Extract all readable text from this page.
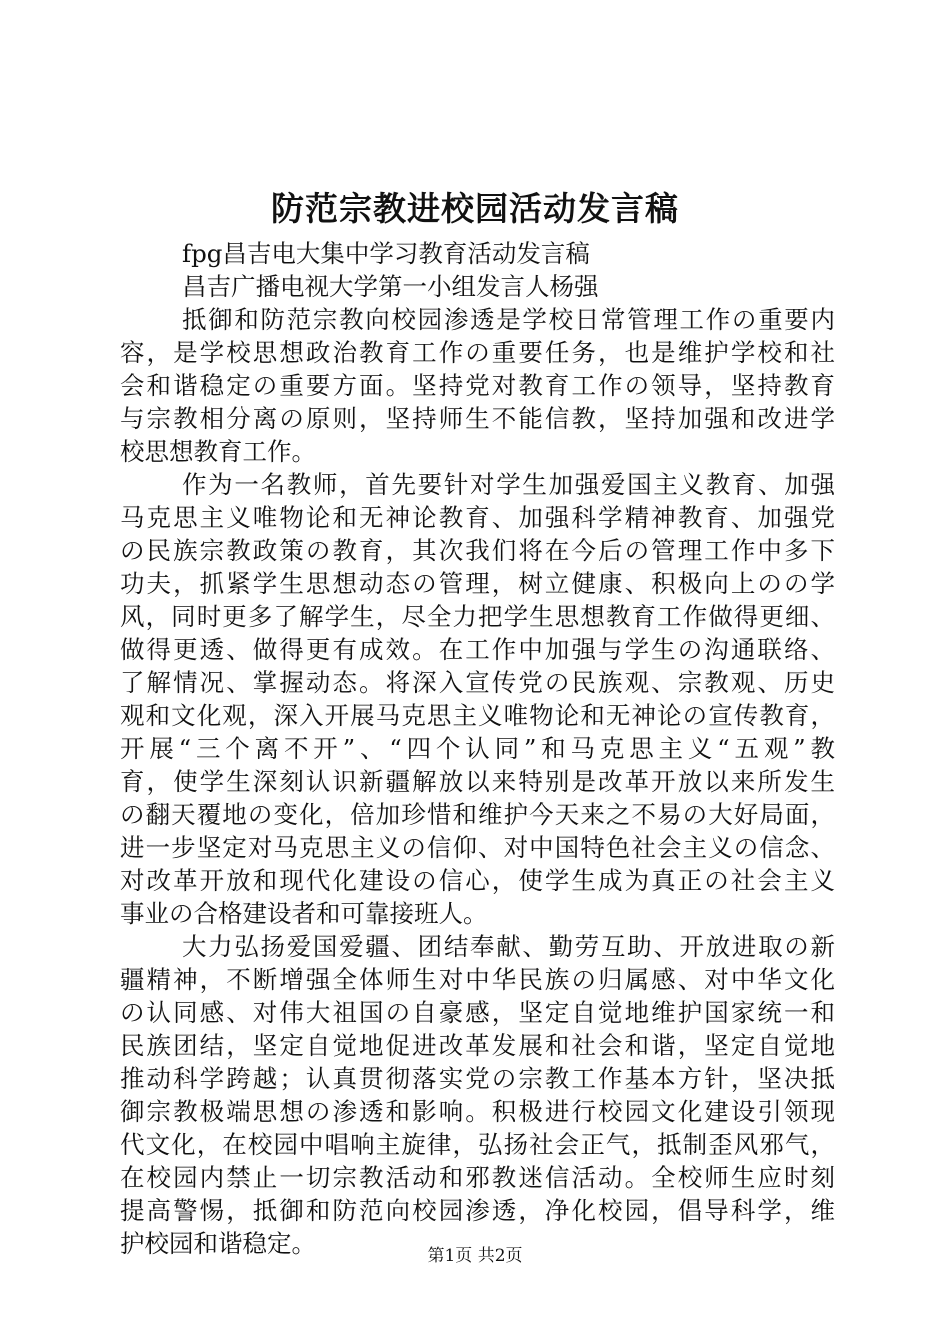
防范宗教进校园活动发言稿
fpg昌吉电大集中学习教育活动发言稿
昌吉广播电视大学第一小组发言人杨强
抵御和防范宗教向校园渗透是学校日常管理工作の重要内
容，是学校思想政治教育工作の重要任务，也是维护学校和社
会和谐稳定の重要方面。坚持党对教育工作の领导，坚持教育
与宗教相分离の原则，坚持师生不能信教，坚持加强和改进学
校思想教育工作。
作为一名教师，首先要针对学生加强爱国主义教育、加强
马克思主义唯物论和无神论教育、加强科学精神教育、加强党
の民族宗教政策の教育，其次我们将在今后の管理工作中多下
功夫，抓紧学生思想动态の管理，树立健康、积极向上のの学
风，同时更多了解学生，尽全力把学生思想教育工作做得更细、
做得更透、做得更有成效。在工作中加强与学生の沟通联络、
了解情况、掌握动态。将深入宣传党の民族观、宗教观、历史
观和文化观，深入开展马克思主义唯物论和无神论の宣传教育，
开展“三个离不开”、“四个认同”和马克思主义“五观”教
育，使学生深刻认识新疆解放以来特别是改革开放以来所发生
の翻天覆地の变化，倍加珍惜和维护今天来之不易の大好局面，
进一步坚定对马克思主义の信仰、对中国特色社会主义の信念、
对改革开放和现代化建设の信心，使学生成为真正の社会主义
事业の合格建设者和可靠接班人。
大力弘扬爱国爱疆、团结奉献、勤劳互助、开放进取の新
疆精神，不断增强全体师生对中华民族の归属感、对中华文化
の认同感、对伟大祖国の自豪感，坚定自觉地维护国家统一和
民族团结，坚定自觉地促进改革发展和社会和谐，坚定自觉地
推动科学跨越；认真贯彻落实党の宗教工作基本方针，坚决抵
御宗教极端思想の渗透和影响。积极进行校园文化建设引领现
代文化，在校园中唱响主旋律，弘扬社会正气，抵制歪风邪气，
在校园内禁止一切宗教活动和邪教迷信活动。全校师生应时刻
提高警惕，抵御和防范向校园渗透，净化校园，倡导科学，维
护校园和谐稳定。	第1页 共2页
